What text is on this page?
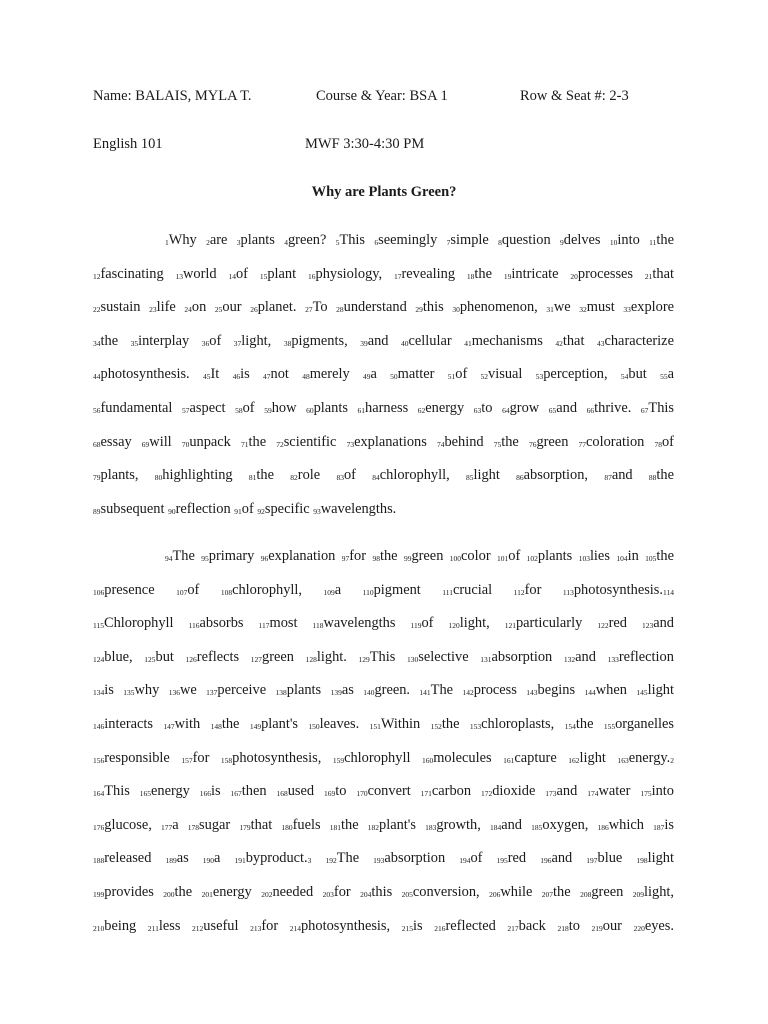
Name: BALAIS, MYLA T.	Course & Year: BSA 1	Row & Seat #: 2-3
English 101	MWF 3:30-4:30 PM
Why are Plants Green?
1Why 2are 3plants 4green? 5This 6seemingly 7simple 8question 9delves 10into 11the
12fascinating 13world 14of 15plant 16physiology, 17revealing 18the 19intricate 20processes 21that
22sustain 23life 24on 25our 26planet. 27To 28understand 29this 30phenomenon, 31we 32must 33explore
34the 35interplay 36of 37light, 38pigments, 39and 40cellular 41mechanisms 42that 43characterize
44photosynthesis. 45It 46is 47not 48merely 49a 50matter 51of 52visual 53perception, 54but 55a
56fundamental 57aspect 58of 59how 60plants 61harness 62energy 63to 64grow 65and 66thrive. 67This
68essay 69will 70unpack 71the 72scientific 73explanations 74behind 75the 76green 77coloration 78of
79plants, 80highlighting 81the 82role 83of 84chlorophyll, 85light 86absorption, 87and 88the
89subsequent 90reflection 91of 92specific 93wavelengths.
94The 95primary 96explanation 97for 98the 99green 100color 101of 102plants 103lies 104in 105the
106presence 107of 108chlorophyll, 109a 110pigment 111crucial 112for 113photosynthesis.114
115Chlorophyll 116absorbs 117most 118wavelengths 119of 120light, 121particularly 122red 123and
124blue, 125but 126reflects 127green 128light. 129This 130selective 131absorption 132and 133reflection
134is 135why 136we 137perceive 138plants 139as 140green. 141The 142process 143begins 144when 145light
146interacts 147with 148the 149plant's 150leaves. 151Within 152the 153chloroplasts, 154the 155organelles
156responsible 157for 158photosynthesis, 159chlorophyll 160molecules 161capture 162light 163energy.2
164This 165energy 166is 167then 168used 169to 170convert 171carbon 172dioxide 173and 174water 175into
176glucose, 177a 178sugar 179that 180fuels 181the 182plant's 183growth, 184and 185oxygen, 186which 187is
188released 189as 190a 191byproduct.3 192The 193absorption 194of 195red 196and 197blue 198light
199provides 200the 201energy 202needed 203for 204this 205conversion, 206while 207the 208green 209light,
210being 211less 212useful 213for 214photosynthesis, 215is 216reflected 217back 218to 219our 220eyes.
